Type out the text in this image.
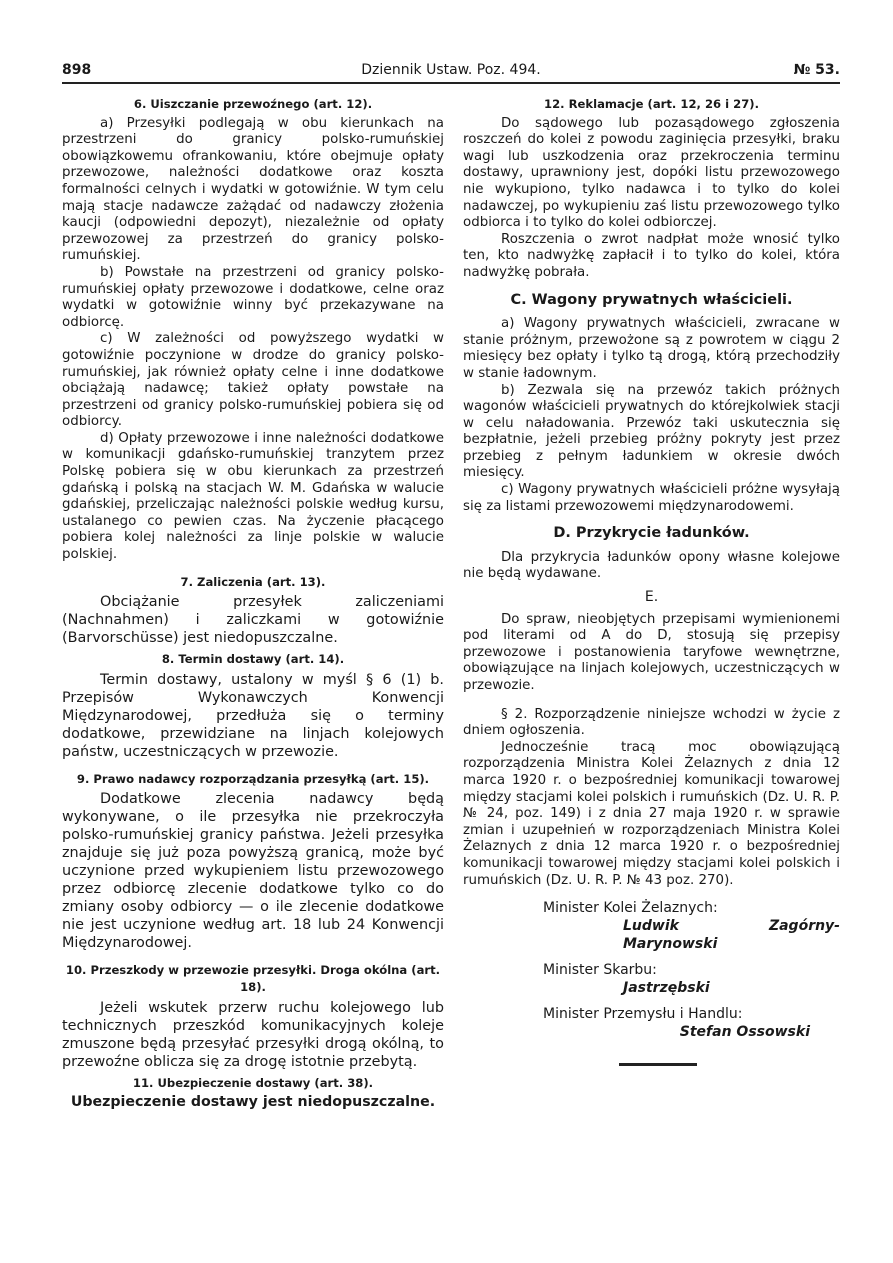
898	Dziennik Ustaw. Poz. 494.	№ 53.
6. Uiszczanie przewoźnego (art. 12).

a) Przesyłki podlegają w obu kierunkach na przestrzeni do granicy polsko-rumuńskiej obowiązkowemu ofrankowaniu, które obejmuje opłaty przewozowe, należności dodatkowe oraz koszta formalności celnych i wydatki w gotowiźnie. W tym celu mają stacje nadawcze zażądać od nadawczy złożenia kaucji (odpowiedni depozyt), niezależnie od opłaty przewozowej za przestrzeń do granicy polsko-rumuńskiej.

b) Powstałe na przestrzeni od granicy polsko-rumuńskiej opłaty przewozowe i dodatkowe, celne oraz wydatki w gotowiźnie winny być przekazywane na odbiorcę.

c) W zależności od powyższego wydatki w gotowiźnie poczynione w drodze do granicy polsko-rumuńskiej, jak również opłaty celne i inne dodatkowe obciążają nadawcę; takież opłaty powstałe na przestrzeni od granicy polsko-rumuńskiej pobiera się od odbiorcy.

d) Opłaty przewozowe i inne należności dodatkowe w komunikacji gdańsko-rumuńskiej tranzytem przez Polskę pobiera się w obu kierunkach za przestrzeń gdańską i polską na stacjach W. M. Gdańska w walucie gdańskiej, przeliczając należności polskie według kursu, ustalanego co pewien czas. Na życzenie płacącego pobiera kolej należności za linje polskie w walucie polskiej.

7. Zaliczenia (art. 13).

Obciążanie przesyłek zaliczeniami (Nachnahmen) i zaliczkami w gotowiźnie (Barvorschüsse) jest niedopuszczalne.

8. Termin dostawy (art. 14).

Termin dostawy, ustalony w myśl § 6 (1) b. Przepisów Wykonawczych Konwencji Międzynarodowej, przedłuża się o terminy dodatkowe, przewidziane na linjach kolejowych państw, uczestniczących w przewozie.

9. Prawo nadawcy rozporządzania przesyłką (art. 15).

Dodatkowe zlecenia nadawcy będą wykonywane, o ile przesyłka nie przekroczyła polsko-rumuńskiej granicy państwa. Jeżeli przesyłka znajduje się już poza powyższą granicą, może być uczynione przed wykupieniem listu przewozowego przez odbiorcę zlecenie dodatkowe tylko co do zmiany osoby odbiorcy — o ile zlecenie dodatkowe nie jest uczynione według art. 18 lub 24 Konwencji Międzynarodowej.

10. Przeszkody w przewozie przesyłki. Droga okólna (art. 18).

Jeżeli wskutek przerw ruchu kolejowego lub technicznych przeszkód komunikacyjnych koleje zmuszone będą przesyłać przesyłki drogą okólną, to przewoźne oblicza się za drogę istotnie przebytą.

11. Ubezpieczenie dostawy (art. 38).

Ubezpieczenie dostawy jest niedopuszczalne.

12. Reklamacje (art. 12, 26 i 27).

Do sądowego lub pozasądowego zgłoszenia roszczeń do kolei z powodu zaginięcia przesyłki, braku wagi lub uszkodzenia oraz przekroczenia terminu dostawy, uprawniony jest, dopóki listu przewozowego nie wykupiono, tylko nadawca i to tylko do kolei nadawczej, po wykupieniu zaś listu przewozowego tylko odbiorca i to tylko do kolei odbiorczej.

Roszczenia o zwrot nadpłat może wnosić tylko ten, kto nadwyżkę zapłacił i to tylko do kolei, która nadwyżkę pobrała.

C. Wagony prywatnych właścicieli.

a) Wagony prywatnych właścicieli, zwracane w stanie próżnym, przewożone są z powrotem w ciągu 2 miesięcy bez opłaty i tylko tą drogą, którą przechodziły w stanie ładownym.

b) Zezwala się na przewóz takich próżnych wagonów właścicieli prywatnych do którejkolwiek stacji w celu naładowania. Przewóz taki uskutecznia się bezpłatnie, jeżeli przebieg próżny pokryty jest przez przebieg z pełnym ładunkiem w okresie dwóch miesięcy.

c) Wagony prywatnych właścicieli próżne wysyłają się za listami przewozowemi międzynarodowemi.

D. Przykrycie ładunków.

Dla przykrycia ładunków opony własne kolejowe nie będą wydawane.

E.

Do spraw, nieobjętych przepisami wymienionemi pod literami od A do D, stosują się przepisy przewozowe i postanowienia taryfowe wewnętrzne, obowiązujące na linjach kolejowych, uczestniczących w przewozie.

§ 2. Rozporządzenie niniejsze wchodzi w życie z dniem ogłoszenia.

Jednocześnie tracą moc obowiązującą rozporządzenia Ministra Kolei Żelaznych z dnia 12 marca 1920 r. o bezpośredniej komunikacji towarowej między stacjami kolei polskich i rumuńskich (Dz. U. R. P. № 24, poz. 149) i z dnia 27 maja 1920 r. w sprawie zmian i uzupełnień w rozporządzeniach Ministra Kolei Żelaznych z dnia 12 marca 1920 r. o bezpośredniej komunikacji towarowej między stacjami kolei polskich i rumuńskich (Dz. U. R. P. № 43 poz. 270).

Minister Kolei Żelaznych:
Ludwik Zagórny-Marynowski
Minister Skarbu:
Jastrzębski
Minister Przemysłu i Handlu:
Stefan Ossowski
